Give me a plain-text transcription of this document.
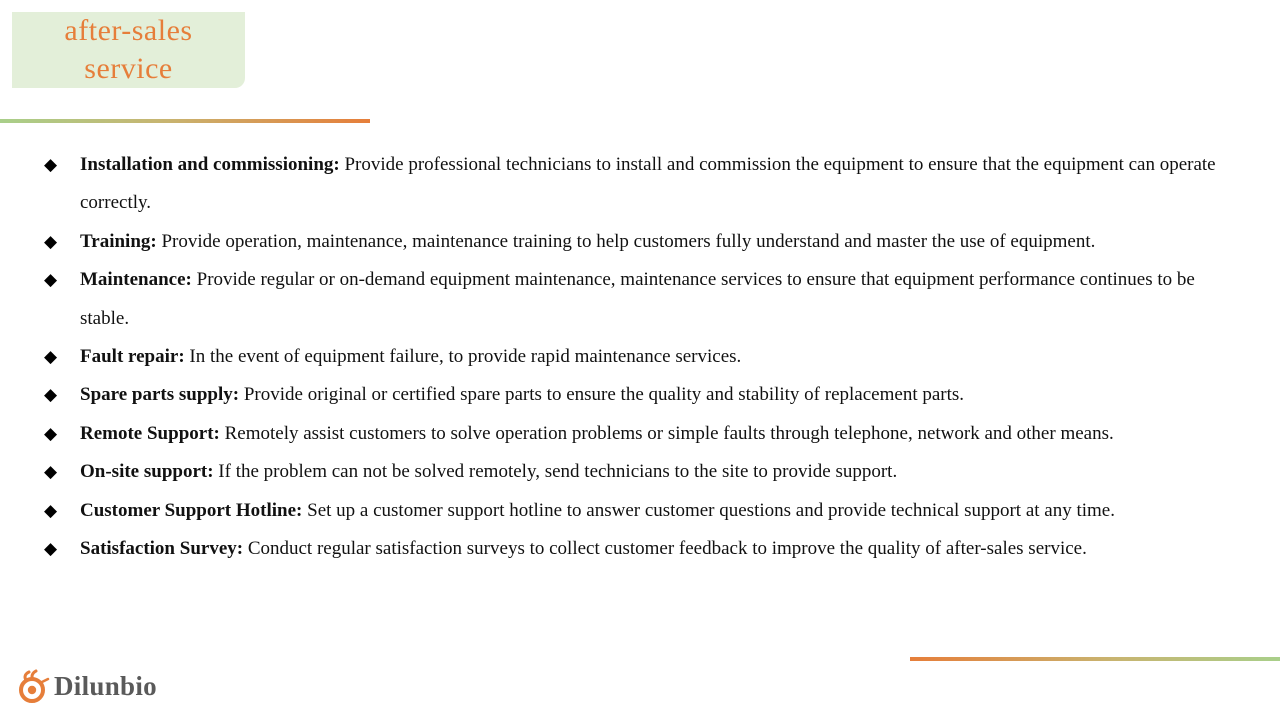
after-sales service
◆	Installation and commissioning: Provide professional technicians to install and commission the equipment to ensure that the equipment can operate correctly.
◆	Training: Provide operation, maintenance, maintenance training to help customers fully understand and master the use of equipment.
◆	Maintenance: Provide regular or on-demand equipment maintenance, maintenance services to ensure that equipment performance continues to be stable.
◆	Fault repair: In the event of equipment failure, to provide rapid maintenance services.
◆	Spare parts supply: Provide original or certified spare parts to ensure the quality and stability of replacement parts.
◆	Remote Support: Remotely assist customers to solve operation problems or simple faults through telephone, network and other means.
◆	On-site support: If the problem can not be solved remotely, send technicians to the site to provide support.
◆	Customer Support Hotline: Set up a customer support hotline to answer customer questions and provide technical support at any time.
◆	Satisfaction Survey: Conduct regular satisfaction surveys to collect customer feedback to improve the quality of after-sales service.
Dilunbio
